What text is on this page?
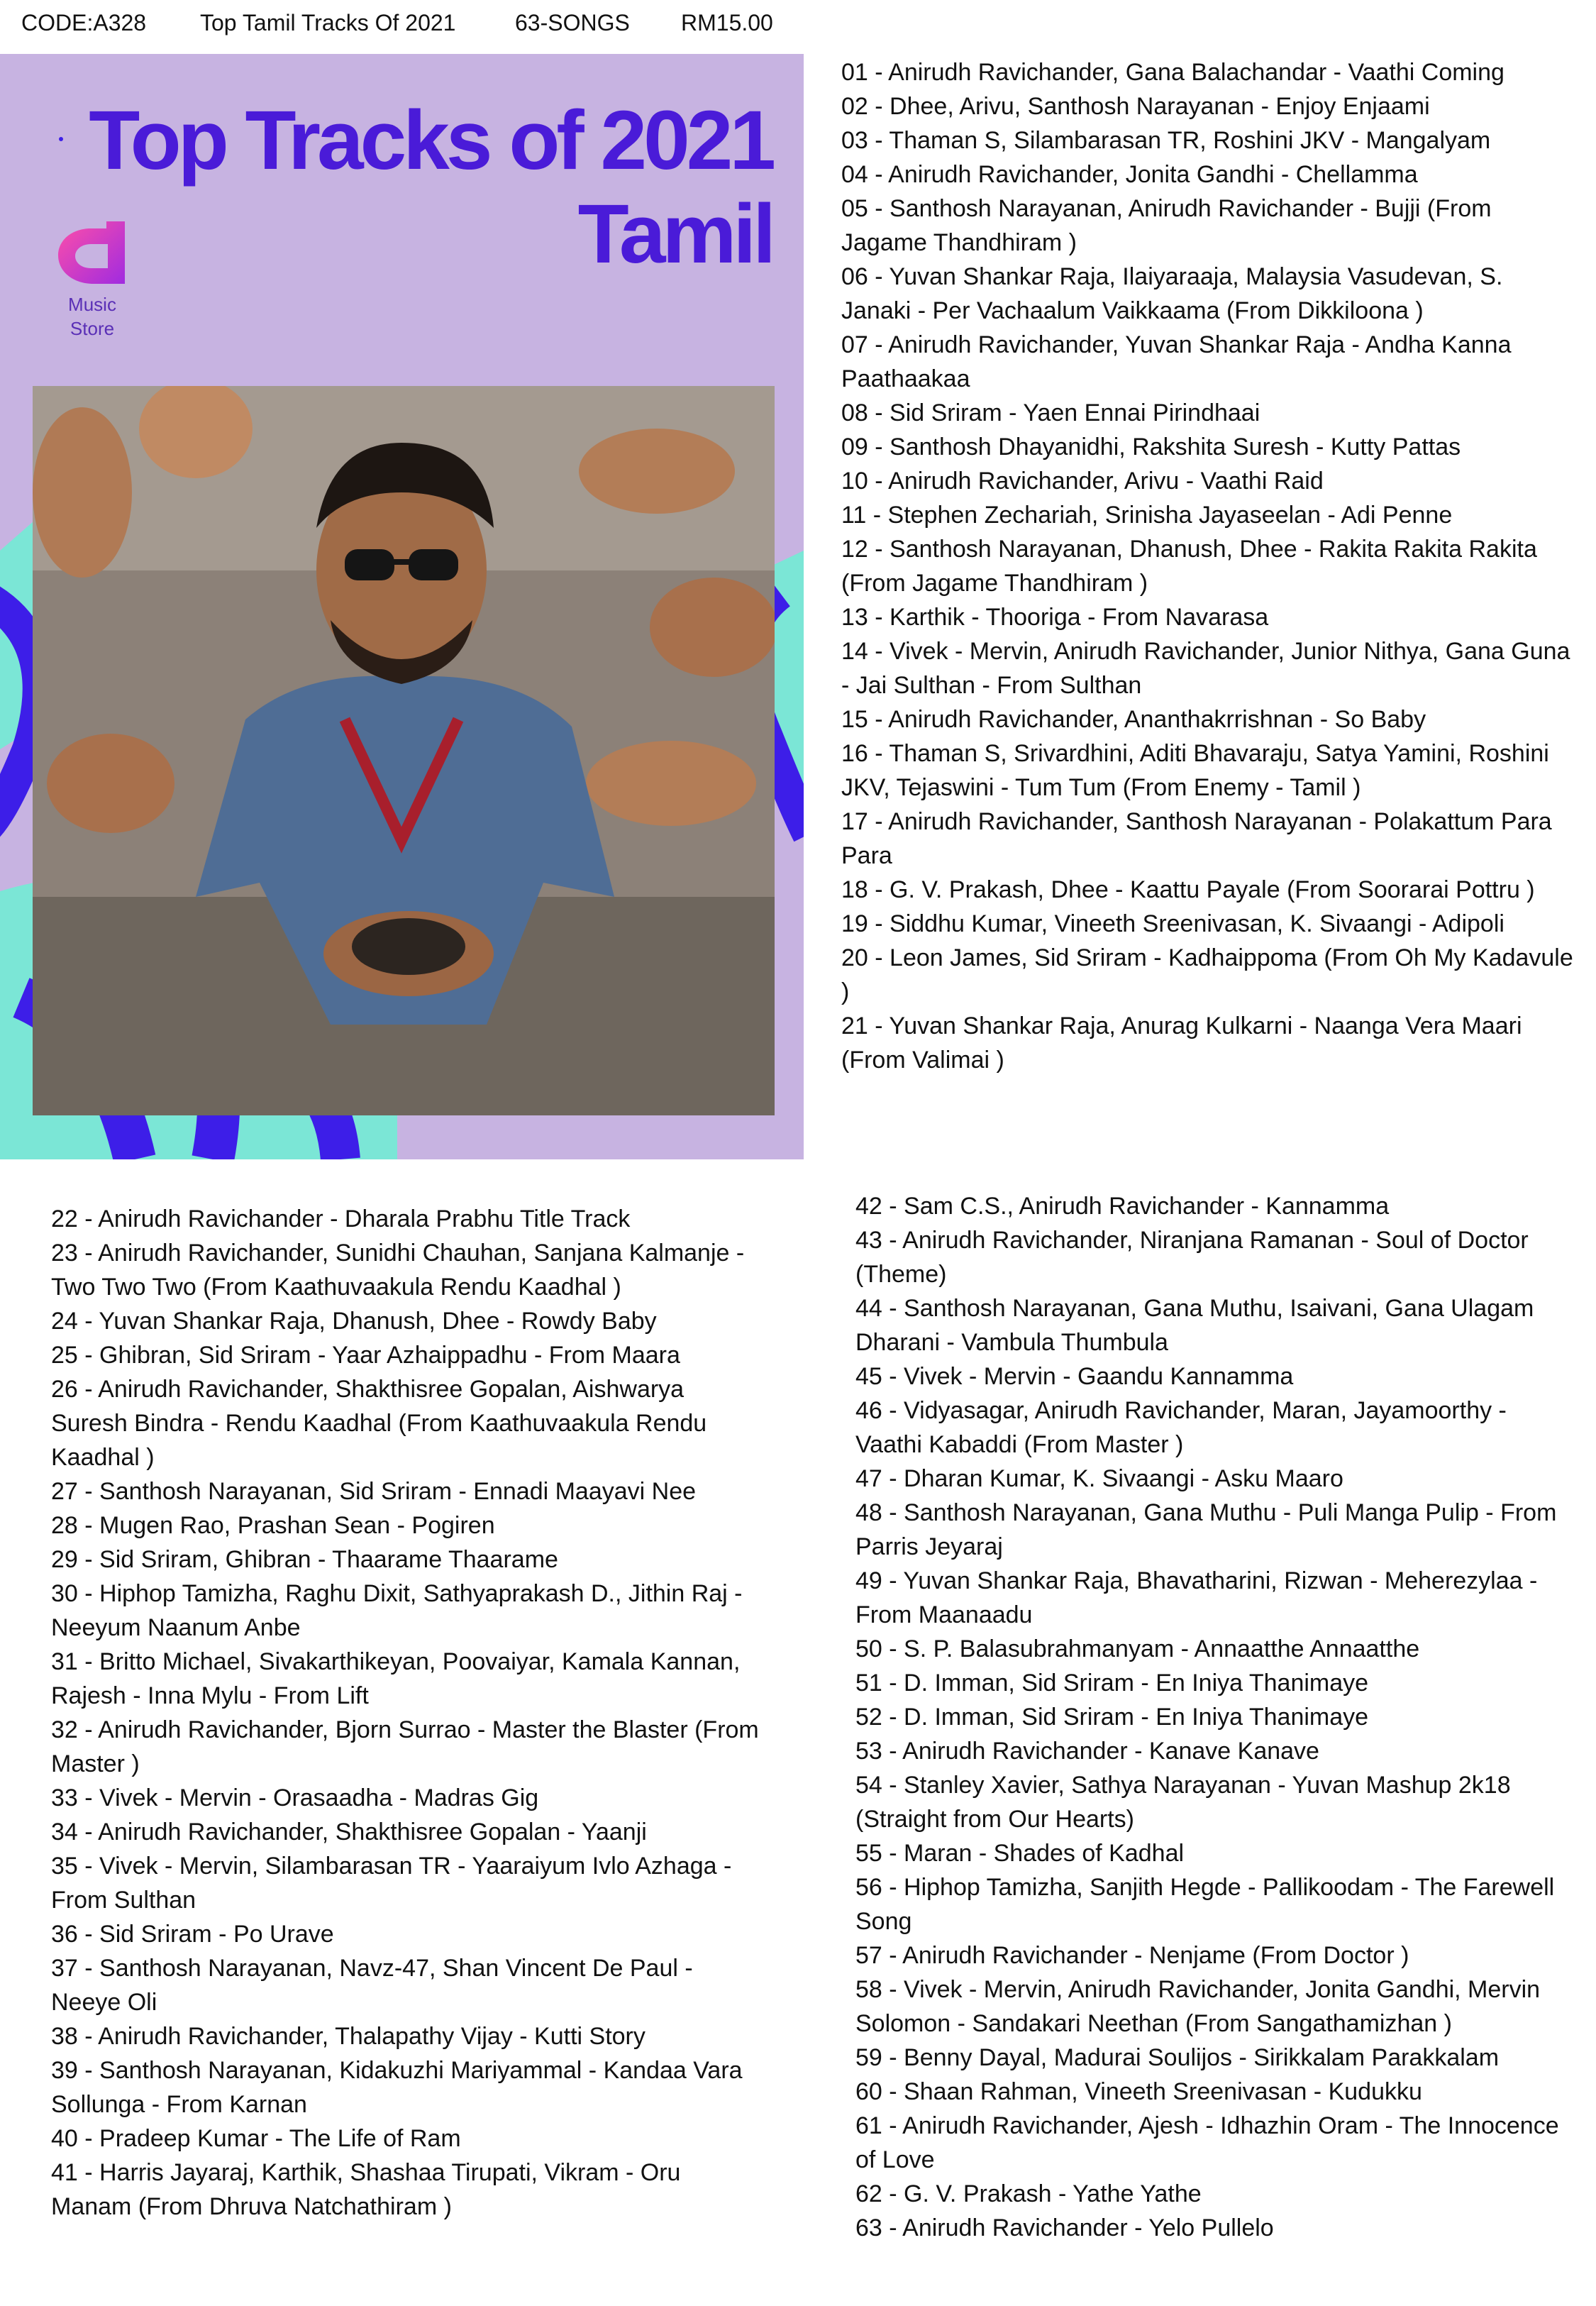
CODE:A328 Top Tamil Tracks Of 2021	63-SONGS RM15.00
Top Tracks of 2021
Tamil
Music
Store
01 - Anirudh Ravichander, Gana Balachandar - Vaathi Coming
02 - Dhee, Arivu, Santhosh Narayanan - Enjoy Enjaami
03 - Thaman S, Silambarasan TR, Roshini JKV - Mangalyam
04 - Anirudh Ravichander, Jonita Gandhi - Chellamma
05 - Santhosh Narayanan, Anirudh Ravichander - Bujji (From Jagame Thandhiram )
06 - Yuvan Shankar Raja, Ilaiyaraaja, Malaysia Vasudevan, S. Janaki - Per Vachaalum Vaikkaama (From Dikkiloona )
07 - Anirudh Ravichander, Yuvan Shankar Raja - Andha Kanna Paathaakaa
08 - Sid Sriram - Yaen Ennai Pirindhaai
09 - Santhosh Dhayanidhi, Rakshita Suresh - Kutty Pattas
10 - Anirudh Ravichander, Arivu - Vaathi Raid
11 - Stephen Zechariah, Srinisha Jayaseelan - Adi Penne
12 - Santhosh Narayanan, Dhanush, Dhee - Rakita Rakita Rakita (From Jagame Thandhiram )
13 - Karthik - Thooriga - From Navarasa
14 - Vivek - Mervin, Anirudh Ravichander, Junior Nithya, Gana Guna - Jai Sulthan - From Sulthan
15 - Anirudh Ravichander, Ananthakrrishnan - So Baby
16 - Thaman S, Srivardhini, Aditi Bhavaraju, Satya Yamini, Roshini JKV, Tejaswini - Tum Tum (From Enemy - Tamil )
17 - Anirudh Ravichander, Santhosh Narayanan - Polakattum Para Para
18 - G. V. Prakash, Dhee - Kaattu Payale (From Soorarai Pottru )
19 - Siddhu Kumar, Vineeth Sreenivasan, K. Sivaangi - Adipoli
20 - Leon James, Sid Sriram - Kadhaippoma (From Oh My Kadavule )
21 - Yuvan Shankar Raja, Anurag Kulkarni - Naanga Vera Maari (From Valimai )
22 - Anirudh Ravichander - Dharala Prabhu Title Track
23 - Anirudh Ravichander, Sunidhi Chauhan, Sanjana Kalmanje - Two Two Two (From Kaathuvaakula Rendu Kaadhal )
24 - Yuvan Shankar Raja, Dhanush, Dhee - Rowdy Baby
25 - Ghibran, Sid Sriram - Yaar Azhaippadhu - From Maara
26 - Anirudh Ravichander, Shakthisree Gopalan, Aishwarya Suresh Bindra - Rendu Kaadhal (From Kaathuvaakula Rendu Kaadhal )
27 - Santhosh Narayanan, Sid Sriram - Ennadi Maayavi Nee
28 - Mugen Rao, Prashan Sean - Pogiren
29 - Sid Sriram, Ghibran - Thaarame Thaarame
30 - Hiphop Tamizha, Raghu Dixit, Sathyaprakash D., Jithin Raj - Neeyum Naanum Anbe
31 - Britto Michael, Sivakarthikeyan, Poovaiyar, Kamala Kannan, Rajesh - Inna Mylu - From Lift
32 - Anirudh Ravichander, Bjorn Surrao - Master the Blaster (From Master )
33 - Vivek - Mervin - Orasaadha - Madras Gig
34 - Anirudh Ravichander, Shakthisree Gopalan - Yaanji
35 - Vivek - Mervin, Silambarasan TR - Yaaraiyum Ivlo Azhaga - From Sulthan
36 - Sid Sriram - Po Urave
37 - Santhosh Narayanan, Navz-47, Shan Vincent De Paul - Neeye Oli
38 - Anirudh Ravichander, Thalapathy Vijay - Kutti Story
39 - Santhosh Narayanan, Kidakuzhi Mariyammal - Kandaa Vara Sollunga - From Karnan
40 - Pradeep Kumar - The Life of Ram
41 - Harris Jayaraj, Karthik, Shashaa Tirupati, Vikram - Oru Manam (From Dhruva Natchathiram )
42 - Sam C.S., Anirudh Ravichander - Kannamma
43 - Anirudh Ravichander, Niranjana Ramanan - Soul of Doctor (Theme)
44 - Santhosh Narayanan, Gana Muthu, Isaivani, Gana Ulagam Dharani - Vambula Thumbula
45 - Vivek - Mervin - Gaandu Kannamma
46 - Vidyasagar, Anirudh Ravichander, Maran, Jayamoorthy - Vaathi Kabaddi (From Master )
47 - Dharan Kumar, K. Sivaangi - Asku Maaro
48 - Santhosh Narayanan, Gana Muthu - Puli Manga Pulip - From Parris Jeyaraj
49 - Yuvan Shankar Raja, Bhavatharini, Rizwan - Meherezylaa - From Maanaadu
50 - S. P. Balasubrahmanyam - Annaatthe Annaatthe
51 - D. Imman, Sid Sriram - En Iniya Thanimaye
52 - D. Imman, Sid Sriram - En Iniya Thanimaye
53 - Anirudh Ravichander - Kanave Kanave
54 - Stanley Xavier, Sathya Narayanan - Yuvan Mashup 2k18 (Straight from Our Hearts)
55 - Maran - Shades of Kadhal
56 - Hiphop Tamizha, Sanjith Hegde - Pallikoodam - The Farewell Song
57 - Anirudh Ravichander - Nenjame (From Doctor )
58 - Vivek - Mervin, Anirudh Ravichander, Jonita Gandhi, Mervin Solomon - Sandakari Neethan (From Sangathamizhan )
59 - Benny Dayal, Madurai Soulijos - Sirikkalam Parakkalam
60 - Shaan Rahman, Vineeth Sreenivasan - Kudukku
61 - Anirudh Ravichander, Ajesh - Idhazhin Oram - The Innocence of Love
62 - G. V. Prakash - Yathe Yathe
63 - Anirudh Ravichander - Yelo Pullelo
